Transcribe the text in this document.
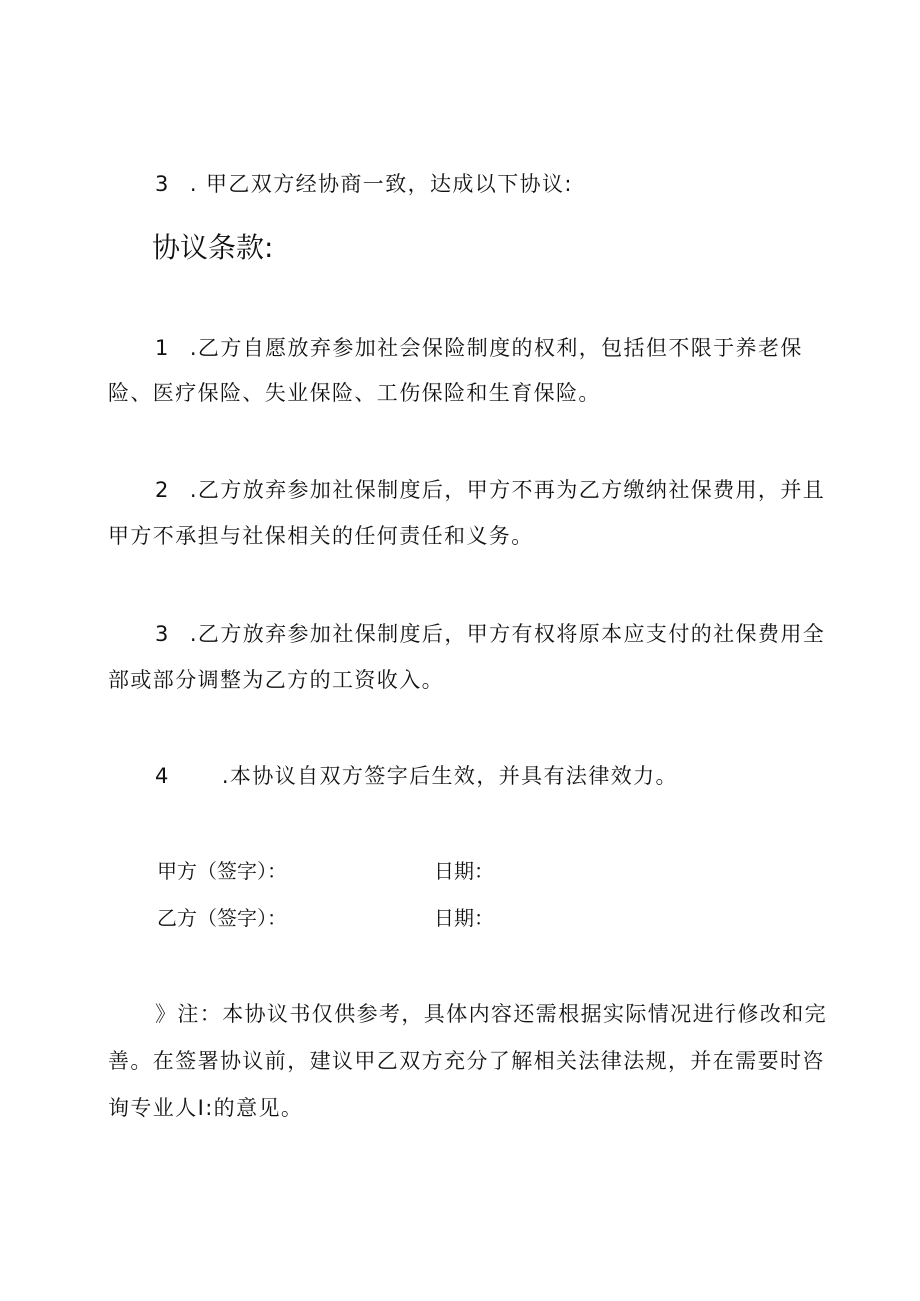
3 . 甲乙双方经协商一致，达成以下协议:
协议条款:
1 .乙方自愿放弃参加社会保险制度的权利，包括但不限于养老保
险、医疗保险、失业保险、工伤保险和生育保险。
2 .乙方放弃参加社保制度后，甲方不再为乙方缴纳社保费用，并且
甲方不承担与社保相关的任何责任和义务。
3 .乙方放弃参加社保制度后，甲方有权将原本应支付的社保费用全
部或部分调整为乙方的工资收入。
4 .本协议自双方签字后生效，并具有法律效力。
甲方（签字）：	日期：
乙方（签字）：	日期：
》注：本协议书仅供参考，具体内容还需根据实际情况进行修改和完
善。在签署协议前，建议甲乙双方充分了解相关法律法规，并在需要时咨
询专业人I:的意见。
